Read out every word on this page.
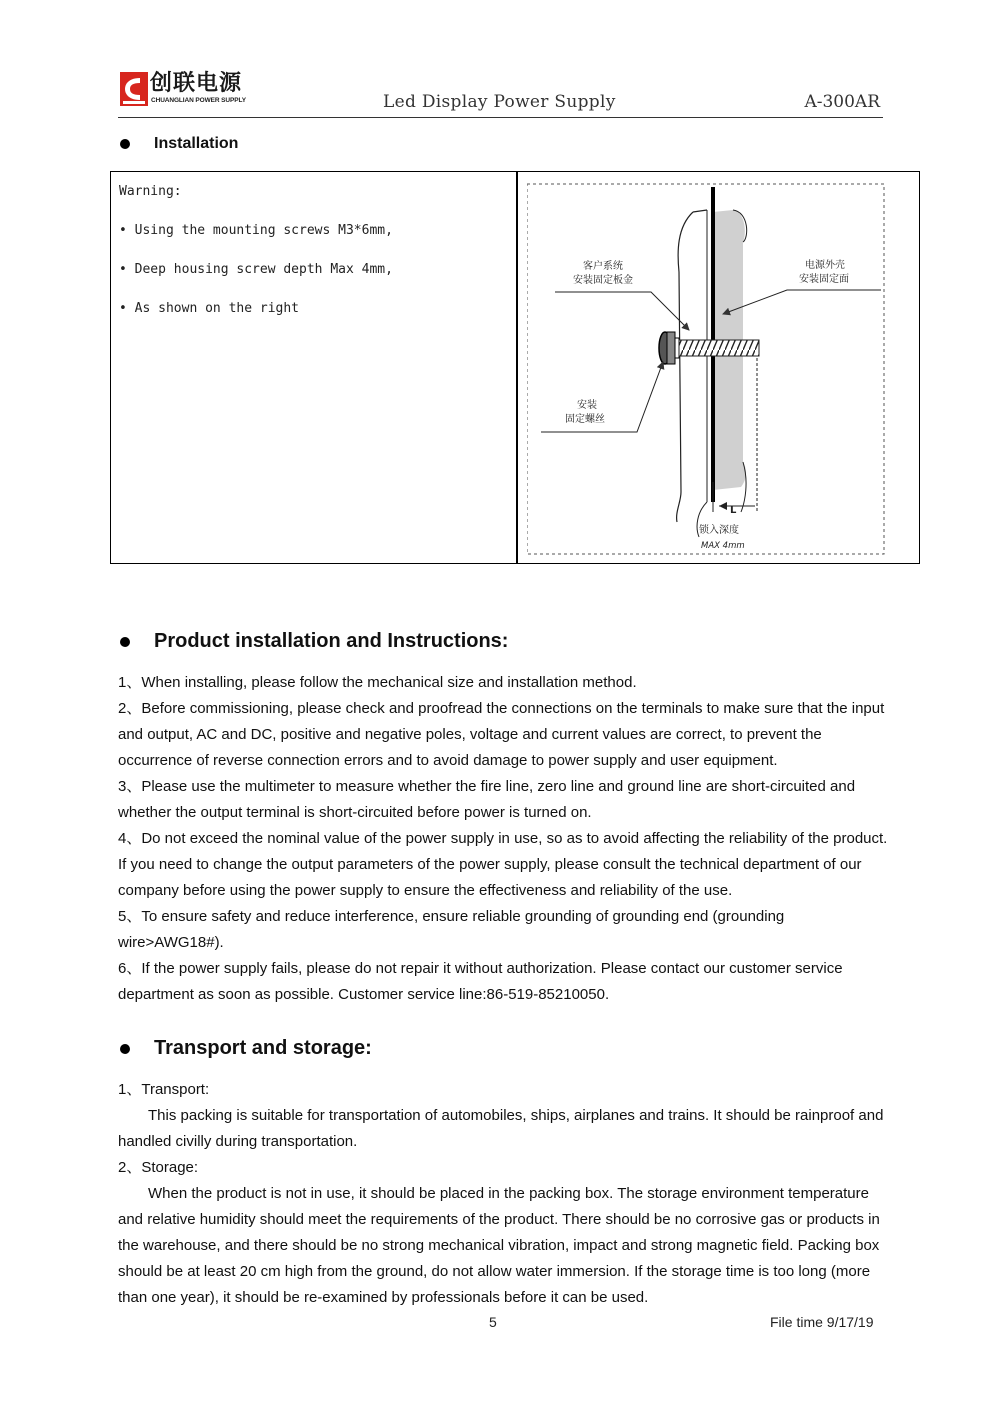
创联电源
CHUANGLIAN POWER SUPPLY	Led Display Power Supply	A-300AR
Installation
Warning:
• Using the mounting screws M3*6mm,
• Deep housing screw depth Max 4mm,
• As shown on the right
L
锁入深度
MAX 4mm
客户系统
安装固定板金
电源外壳
安装固定面
安装
固定螺丝
Product installation and Instructions:
1、When installing, please follow the mechanical size and installation method.
2、Before commissioning, please check and proofread the connections on the terminals to make sure that the input and output, AC and DC, positive and negative poles, voltage and current values are correct, to prevent the occurrence of reverse connection errors and to avoid damage to power supply and user equipment.
3、Please use the multimeter to measure whether the fire line, zero line and ground line are short-circuited and whether the output terminal is short-circuited before power is turned on.
4、Do not exceed the nominal value of the power supply in use, so as to avoid affecting the reliability of the product. If you need to change the output parameters of the power supply, please consult the technical department of our company before using the power supply to ensure the effectiveness and reliability of the use.
5、To ensure safety and reduce interference, ensure reliable grounding of grounding end (grounding wire>AWG18#).
6、If the power supply fails, please do not repair it without authorization. Please contact our customer service department as soon as possible. Customer service line:86-519-85210050.
Transport and storage:
1、Transport:
This packing is suitable for transportation of automobiles, ships, airplanes and trains. It should be rainproof and handled civilly during transportation.
2、Storage:
When the product is not in use, it should be placed in the packing box. The storage environment temperature and relative humidity should meet the requirements of the product. There should be no corrosive gas or products in the warehouse, and there should be no strong mechanical vibration, impact and strong magnetic field. Packing box should be at least 20 cm high from the ground, do not allow water immersion. If the storage time is too long (more than one year), it should be re-examined by professionals before it can be used.
5	File time 9/17/19
